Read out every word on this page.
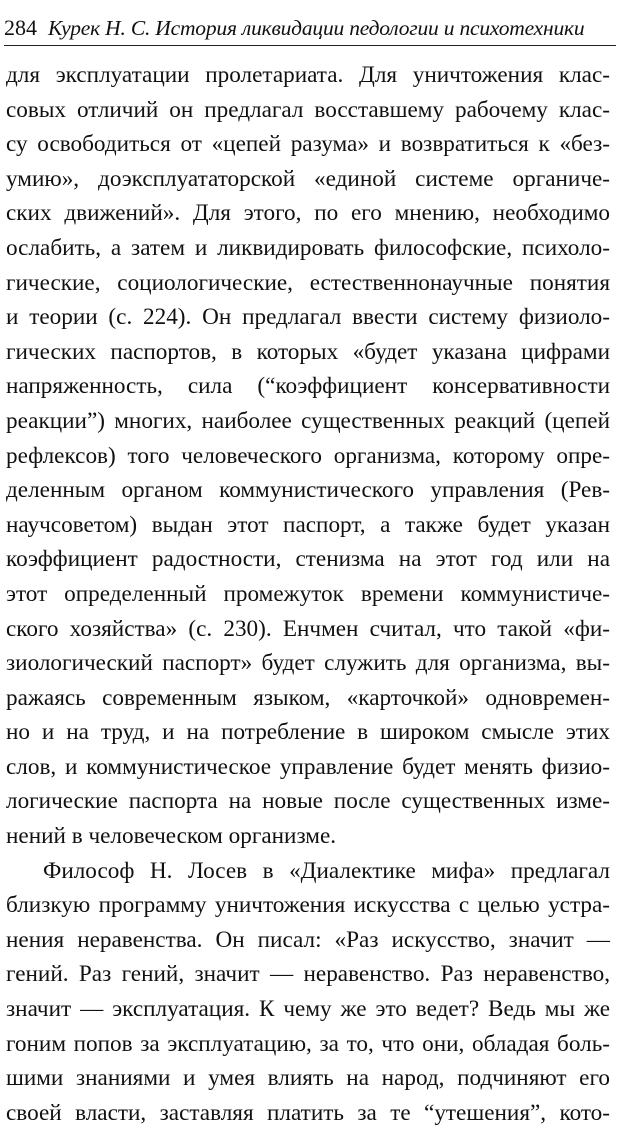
284 Курек Н. С. История ликвидации педологии и психотехники
для эксплуатации пролетариата. Для уничтожения клас-
совых отличий он предлагал восставшему рабочему клас-
су освободиться от «цепей разума» и возвратиться к «без-
умию», доэксплуататорской «единой системе органиче-
ских движений». Для этого, по его мнению, необходимо
ослабить, а затем и ликвидировать философские, психоло-
гические, социологические, естественнонаучные понятия
и теории (с. 224). Он предлагал ввести систему физиоло-
гических паспортов, в которых «будет указана цифрами
напряженность, сила (“коэффициент консервативности
реакции”) многих, наиболее существенных реакций (цепей
рефлексов) того человеческого организма, которому опре-
деленным органом коммунистического управления (Рев-
научсоветом) выдан этот паспорт, а также будет указан
коэффициент радостности, стенизма на этот год или на
этот определенный промежуток времени коммунистиче-
ского хозяйства» (с. 230). Енчмен считал, что такой «фи-
зиологический паспорт» будет служить для организма, вы-
ражаясь современным языком, «карточкой» одновремен-
но и на труд, и на потребление в широком смысле этих
слов, и коммунистическое управление будет менять физио-
логические паспорта на новые после существенных изме-
нений в человеческом организме.
Философ Н. Лосев в «Диалектике мифа» предлагал
близкую программу уничтожения искусства с целью устра-
нения неравенства. Он писал: «Раз искусство, значит —
гений. Раз гений, значит — неравенство. Раз неравенство,
значит — эксплуатация. К чему же это ведет? Ведь мы же
гоним попов за эксплуатацию, за то, что они, обладая боль-
шими знаниями и умея влиять на народ, подчиняют его
своей власти, заставляя платить за те “утешения”, кото-
